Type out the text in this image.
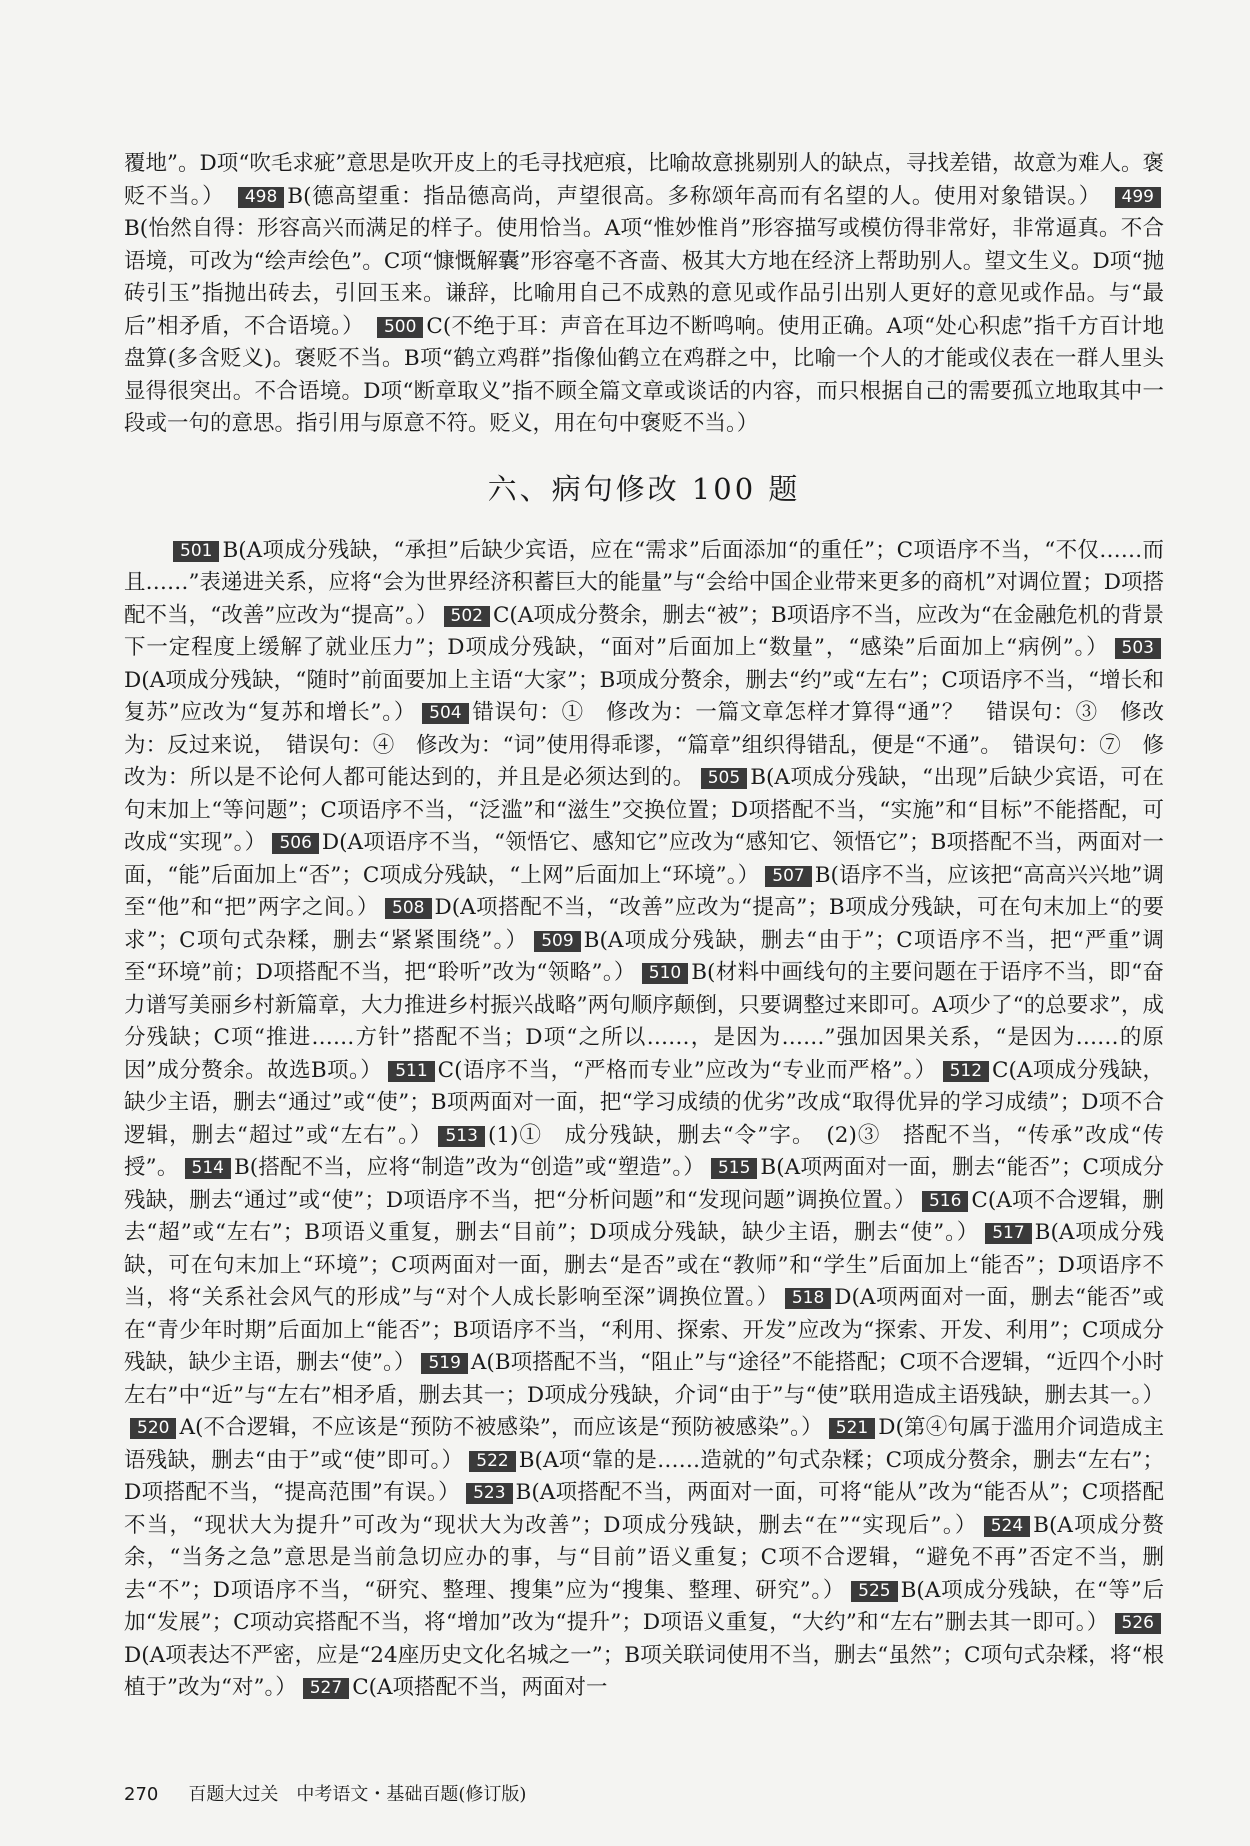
覆地”。D项“吹毛求疵”意思是吹开皮上的毛寻找疤痕，比喻故意挑剔别人的缺点，寻找差错，故意为难人。褒贬不当。） 498 B(德高望重：指品德高尚，声望很高。多称颂年高而有名望的人。使用对象错误。） 499B(怡然自得：形容高兴而满足的样子。使用恰当。A项“惟妙惟肖”形容描写或模仿得非常好，非常逼真。不合语境，可改为“绘声绘色”。C项“慷慨解囊”形容毫不吝啬、极其大方地在经济上帮助别人。望文生义。D项“抛砖引玉”指抛出砖去，引回玉来。谦辞，比喻用自己不成熟的意见或作品引出别人更好的意见或作品。与“最后”相矛盾，不合语境。） 500 C(不绝于耳：声音在耳边不断鸣响。使用正确。A项“处心积虑”指千方百计地盘算(多含贬义)。褒贬不当。B项“鹤立鸡群”指像仙鹤立在鸡群之中，比喻一个人的才能或仪表在一群人里头显得很突出。不合语境。D项“断章取义”指不顾全篇文章或谈话的内容，而只根据自己的需要孤立地取其中一段或一句的意思。指引用与原意不符。贬义，用在句中褒贬不当。）

六、病句修改 100 题

501 B(A项成分残缺，“承担”后缺少宾语，应在“需求”后面添加“的重任”；C项语序不当，“不仅……而且……”表递进关系，应将“会为世界经济积蓄巨大的能量”与“会给中国企业带来更多的商机”对调位置；D项搭配不当，“改善”应改为“提高”。） 502 C(A项成分赘余，删去“被”；B项语序不当，应改为“在金融危机的背景下一定程度上缓解了就业压力”；D项成分残缺，“面对”后面加上“数量”，“感染”后面加上“病例”。） 503D(A项成分残缺，“随时”前面要加上主语“大家”；B项成分赘余，删去“约”或“左右”；C项语序不当，“增长和复苏”应改为“复苏和增长”。） 504 错误句：①　修改为：一篇文章怎样才算得“通”？　错误句：③　修改为：反过来说，　错误句：④　修改为：“词”使用得乖谬，“篇章”组织得错乱，便是“不通”。　错误句：⑦　修改为：所以是不论何人都可能达到的，并且是必须达到的。 505 B(A项成分残缺，“出现”后缺少宾语，可在句末加上“等问题”；C项语序不当，“泛滥”和“滋生”交换位置；D项搭配不当，“实施”和“目标”不能搭配，可改成“实现”。） 506 D(A项语序不当，“领悟它、感知它”应改为“感知它、领悟它”；B项搭配不当，两面对一面，“能”后面加上“否”；C项成分残缺，“上网”后面加上“环境”。） 507 B(语序不当，应该把“高高兴兴地”调至“他”和“把”两字之间。） 508 D(A项搭配不当，“改善”应改为“提高”；B项成分残缺，可在句末加上“的要求”；C项句式杂糅，删去“紧紧围绕”。） 509 B(A项成分残缺，删去“由于”；C项语序不当，把“严重”调至“环境”前；D项搭配不当，把“聆听”改为“领略”。） 510 B(材料中画线句的主要问题在于语序不当，即“奋力谱写美丽乡村新篇章，大力推进乡村振兴战略”两句顺序颠倒，只要调整过来即可。A项少了“的总要求”，成分残缺；C项“推进……方针”搭配不当；D项“之所以……，是因为……”强加因果关系，“是因为……的原因”成分赘余。故选B项。） 511 C(语序不当，“严格而专业”应改为“专业而严格”。） 512 C(A项成分残缺，缺少主语，删去“通过”或“使”；B项两面对一面，把“学习成绩的优劣”改成“取得优异的学习成绩”；D项不合逻辑，删去“超过”或“左右”。） 513 (1)①　成分残缺，删去“令”字。　(2)③　搭配不当，“传承”改成“传授”。 514 B(搭配不当，应将“制造”改为“创造”或“塑造”。） 515 B(A项两面对一面，删去“能否”；C项成分残缺，删去“通过”或“使”；D项语序不当，把“分析问题”和“发现问题”调换位置。） 516 C(A项不合逻辑，删去“超”或“左右”；B项语义重复，删去“目前”；D项成分残缺，缺少主语，删去“使”。） 517 B(A项成分残缺，可在句末加上“环境”；C项两面对一面，删去“是否”或在“教师”和“学生”后面加上“能否”；D项语序不当，将“关系社会风气的形成”与“对个人成长影响至深”调换位置。） 518 D(A项两面对一面，删去“能否”或在“青少年时期”后面加上“能否”；B项语序不当，“利用、探索、开发”应改为“探索、开发、利用”；C项成分残缺，缺少主语，删去“使”。） 519 A(B项搭配不当，“阻止”与“途径”不能搭配；C项不合逻辑，“近四个小时左右”中“近”与“左右”相矛盾，删去其一；D项成分残缺，介词“由于”与“使”联用造成主语残缺，删去其一。）520 A(不合逻辑，不应该是“预防不被感染”，而应该是“预防被感染”。） 521 D(第④句属于滥用介词造成主语残缺，删去“由于”或“使”即可。） 522 B(A项“靠的是……造就的”句式杂糅；C项成分赘余，删去“左右”；D项搭配不当，“提高范围”有误。） 523 B(A项搭配不当，两面对一面，可将“能从”改为“能否从”；C项搭配不当，“现状大为提升”可改为“现状大为改善”；D项成分残缺，删去“在”“实现后”。） 524 B(A项成分赘余，“当务之急”意思是当前急切应办的事，与“目前”语义重复；C项不合逻辑，“避免不再”否定不当，删去“不”；D项语序不当，“研究、整理、搜集”应为“搜集、整理、研究”。） 525 B(A项成分残缺，在“等”后加“发展”；C项动宾搭配不当，将“增加”改为“提升”；D项语义重复，“大约”和“左右”删去其一即可。） 526D(A项表达不严密，应是“24座历史文化名城之一”；B项关联词使用不当，删去“虽然”；C项句式杂糅，将“根植于”改为“对”。） 527 C(A项搭配不当，两面对一

270 百题大过关　中考语文・基础百题(修订版)
